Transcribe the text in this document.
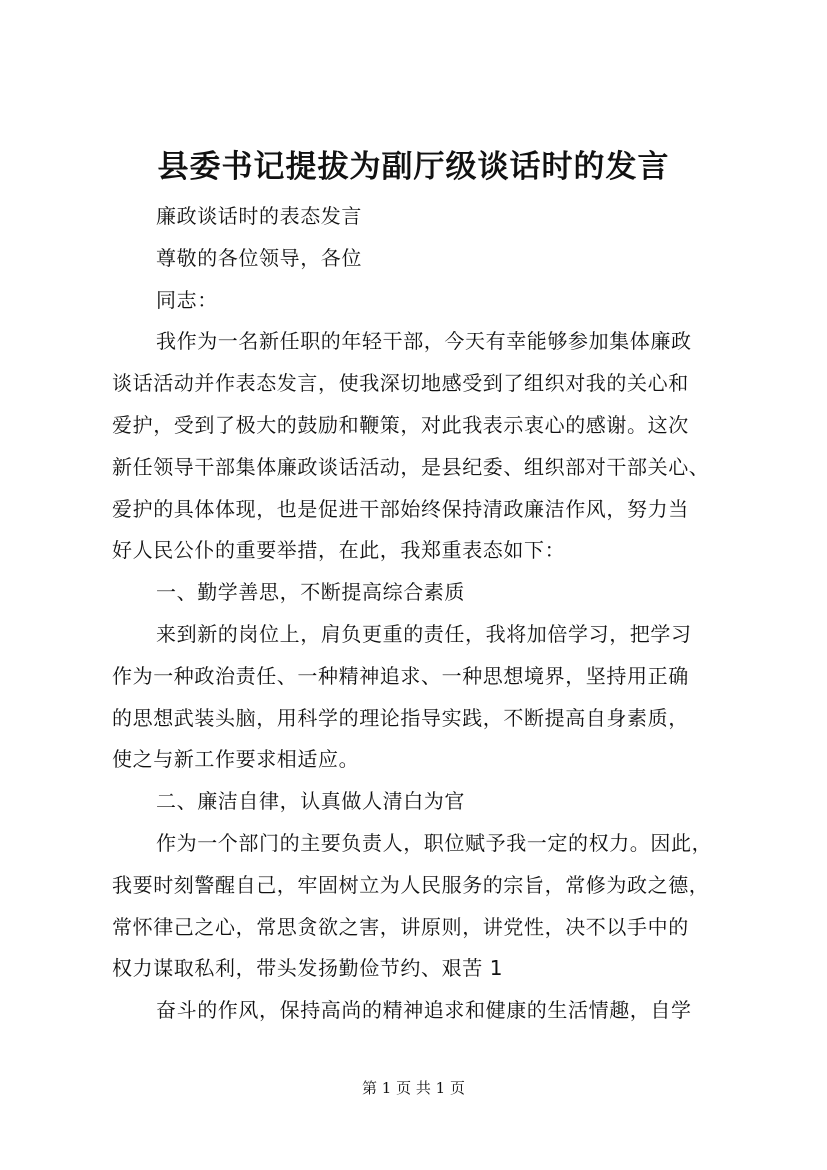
县委书记提拔为副厅级谈话时的发言
廉政谈话时的表态发言
尊敬的各位领导，各位
同志：
我作为一名新任职的年轻干部，今天有幸能够参加集体廉政
谈话活动并作表态发言，使我深切地感受到了组织对我的关心和
爱护，受到了极大的鼓励和鞭策，对此我表示衷心的感谢。这次
新任领导干部集体廉政谈话活动，是县纪委、组织部对干部关心、
爱护的具体体现，也是促进干部始终保持清政廉洁作风，努力当
好人民公仆的重要举措，在此，我郑重表态如下：
一、勤学善思，不断提高综合素质
来到新的岗位上，肩负更重的责任，我将加倍学习，把学习
作为一种政治责任、一种精神追求、一种思想境界，坚持用正确
的思想武装头脑，用科学的理论指导实践，不断提高自身素质，
使之与新工作要求相适应。
二、廉洁自律，认真做人清白为官
作为一个部门的主要负责人，职位赋予我一定的权力。因此，
我要时刻警醒自己，牢固树立为人民服务的宗旨，常修为政之德，
常怀律己之心，常思贪欲之害，讲原则，讲党性，决不以手中的
权力谋取私利，带头发扬勤俭节约、艰苦 1
奋斗的作风，保持高尚的精神追求和健康的生活情趣，自学
第 1 页 共 1 页
